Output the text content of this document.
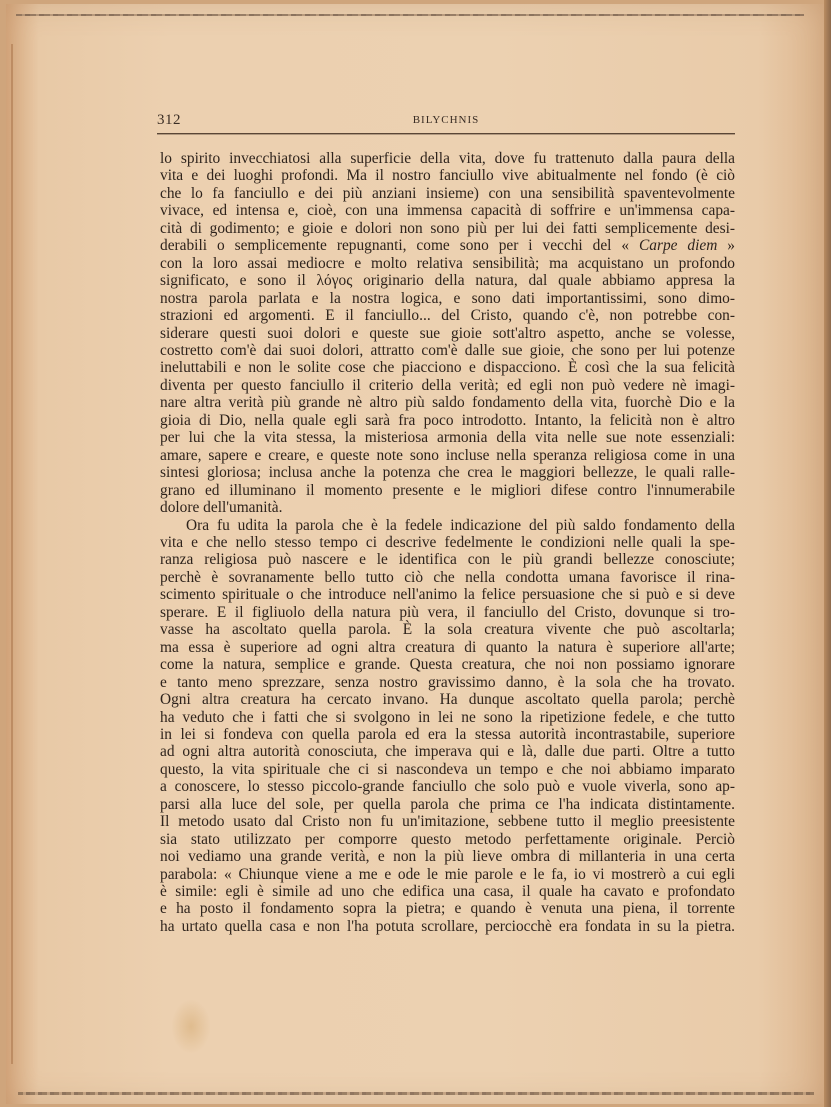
312	BILYCHNIS
lo spirito invecchiatosi alla superficie della vita, dove fu trattenuto dalla paura della
vita e dei luoghi profondi. Ma il nostro fanciullo vive abitualmente nel fondo (è ciò
che lo fa fanciullo e dei più anziani insieme) con una sensibilità spaventevolmente
vivace, ed intensa e, cioè, con una immensa capacità di soffrire e un'immensa capa-
cità di godimento; e gioie e dolori non sono più per lui dei fatti semplicemente desi-
derabili o semplicemente repugnanti, come sono per i vecchi del « Carpe diem »
con la loro assai mediocre e molto relativa sensibilità; ma acquistano un profondo
significato, e sono il λόγος originario della natura, dal quale abbiamo appresa la
nostra parola parlata e la nostra logica, e sono dati importantissimi, sono dimo-
strazioni ed argomenti. E il fanciullo... del Cristo, quando c'è, non potrebbe con-
siderare questi suoi dolori e queste sue gioie sott'altro aspetto, anche se volesse,
costretto com'è dai suoi dolori, attratto com'è dalle sue gioie, che sono per lui potenze
ineluttabili e non le solite cose che piacciono e dispacciono. È così che la sua felicità
diventa per questo fanciullo il criterio della verità; ed egli non può vedere nè imagi-
nare altra verità più grande nè altro più saldo fondamento della vita, fuorchè Dio e la
gioia di Dio, nella quale egli sarà fra poco introdotto. Intanto, la felicità non è altro
per lui che la vita stessa, la misteriosa armonia della vita nelle sue note essenziali:
amare, sapere e creare, e queste note sono incluse nella speranza religiosa come in una
sintesi gloriosa; inclusa anche la potenza che crea le maggiori bellezze, le quali ralle-
grano ed illuminano il momento presente e le migliori difese contro l'innumerabile
dolore dell'umanità.
Ora fu udita la parola che è la fedele indicazione del più saldo fondamento della
vita e che nello stesso tempo ci descrive fedelmente le condizioni nelle quali la spe-
ranza religiosa può nascere e le identifica con le più grandi bellezze conosciute;
perchè è sovranamente bello tutto ciò che nella condotta umana favorisce il rina-
scimento spirituale o che introduce nell'animo la felice persuasione che si può e si deve
sperare. E il figliuolo della natura più vera, il fanciullo del Cristo, dovunque si tro-
vasse ha ascoltato quella parola. È la sola creatura vivente che può ascoltarla;
ma essa è superiore ad ogni altra creatura di quanto la natura è superiore all'arte;
come la natura, semplice e grande. Questa creatura, che noi non possiamo ignorare
e tanto meno sprezzare, senza nostro gravissimo danno, è la sola che ha trovato.
Ogni altra creatura ha cercato invano. Ha dunque ascoltato quella parola; perchè
ha veduto che i fatti che si svolgono in lei ne sono la ripetizione fedele, e che tutto
in lei si fondeva con quella parola ed era la stessa autorità incontrastabile, superiore
ad ogni altra autorità conosciuta, che imperava qui e là, dalle due parti. Oltre a tutto
questo, la vita spirituale che ci si nascondeva un tempo e che noi abbiamo imparato
a conoscere, lo stesso piccolo-grande fanciullo che solo può e vuole viverla, sono ap-
parsi alla luce del sole, per quella parola che prima ce l'ha indicata distintamente.
Il metodo usato dal Cristo non fu un'imitazione, sebbene tutto il meglio preesistente
sia stato utilizzato per comporre questo metodo perfettamente originale. Perciò
noi vediamo una grande verità, e non la più lieve ombra di millanteria in una certa
parabola: « Chiunque viene a me e ode le mie parole e le fa, io vi mostrerò a cui egli
è simile: egli è simile ad uno che edifica una casa, il quale ha cavato e profondato
e ha posto il fondamento sopra la pietra; e quando è venuta una piena, il torrente
ha urtato quella casa e non l'ha potuta scrollare, perciocchè era fondata in su la pietra.
